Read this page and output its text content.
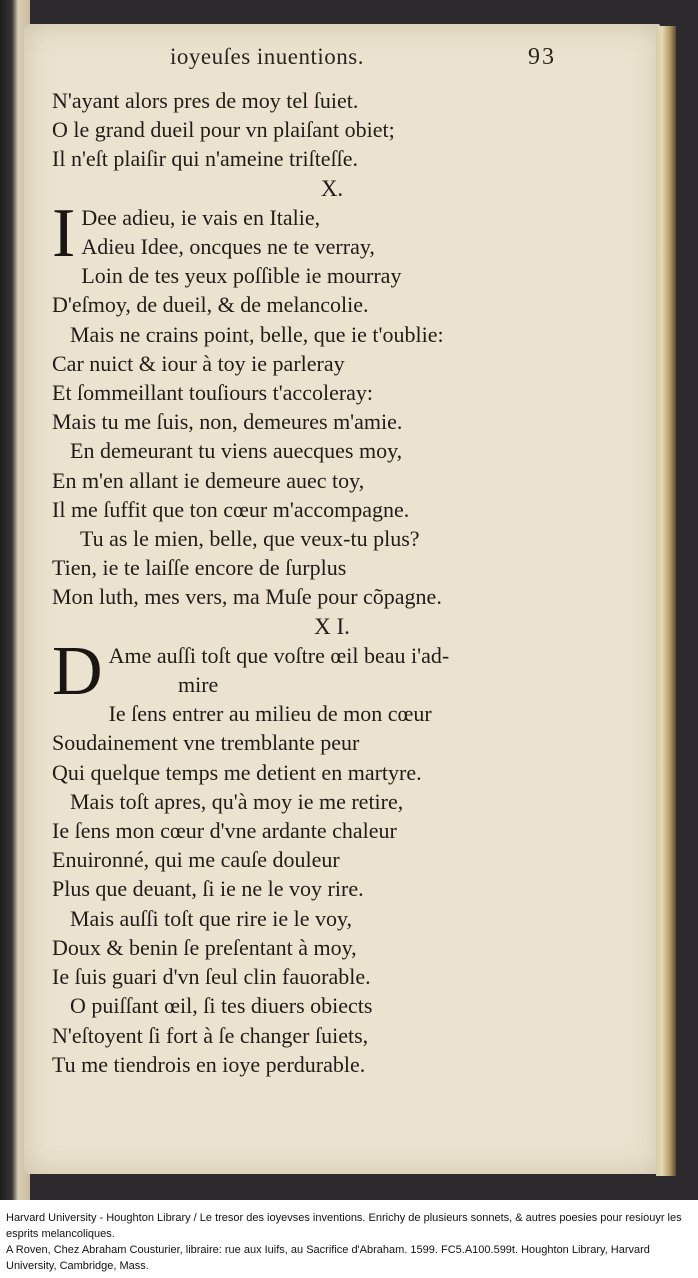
ioyeuſes inuentions.	93
N'ayant alors pres de moy tel ſuiet.
O le grand dueil pour vn plaiſant obiet;
Il n'eſt plaiſir qui n'ameine triſteſſe.
X.
I Dee adieu, ie vais en Italie,
Adieu Idee, oncques ne te verray,
Loin de tes yeux poſſible ie mourray
D'eſmoy, de dueil, & de melancolie.
Mais ne crains point, belle, que ie t'oublie:
Car nuict & iour à toy ie parleray
Et ſommeillant touſiours t'accoleray:
Mais tu me ſuis, non, demeures m'amie.
En demeurant tu viens auecques moy,
En m'en allant ie demeure auec toy,
Il me ſuffit que ton cœur m'accompagne.
Tu as le mien, belle, que veux-tu plus?
Tien, ie te laiſſe encore de ſurplus
Mon luth, mes vers, ma Muſe pour cõpagne.
X I.
D Ame auſſi toſt que voſtre œil beau i'ad-
mire
Ie ſens entrer au milieu de mon cœur
Soudainement vne tremblante peur
Qui quelque temps me detient en martyre.
Mais toſt apres, qu'à moy ie me retire,
Ie ſens mon cœur d'vne ardante chaleur
Enuironné, qui me cauſe douleur
Plus que deuant, ſi ie ne le voy rire.
Mais auſſi toſt que rire ie le voy,
Doux & benin ſe preſentant à moy,
Ie ſuis guari d'vn ſeul clin fauorable.
O puiſſant œil, ſi tes diuers obiects
N'eſtoyent ſi fort à ſe changer ſuiets,
Tu me tiendrois en ioye perdurable.
Harvard University - Houghton Library / Le tresor des ioyevses inventions. Enrichy de plusieurs sonnets, & autres poesies pour resiouyr les esprits melancoliques.
A Roven, Chez Abraham Cousturier, libraire: rue aux Iuifs, au Sacrifice d'Abraham. 1599. FC5.A100.599t. Houghton Library, Harvard University, Cambridge, Mass.
